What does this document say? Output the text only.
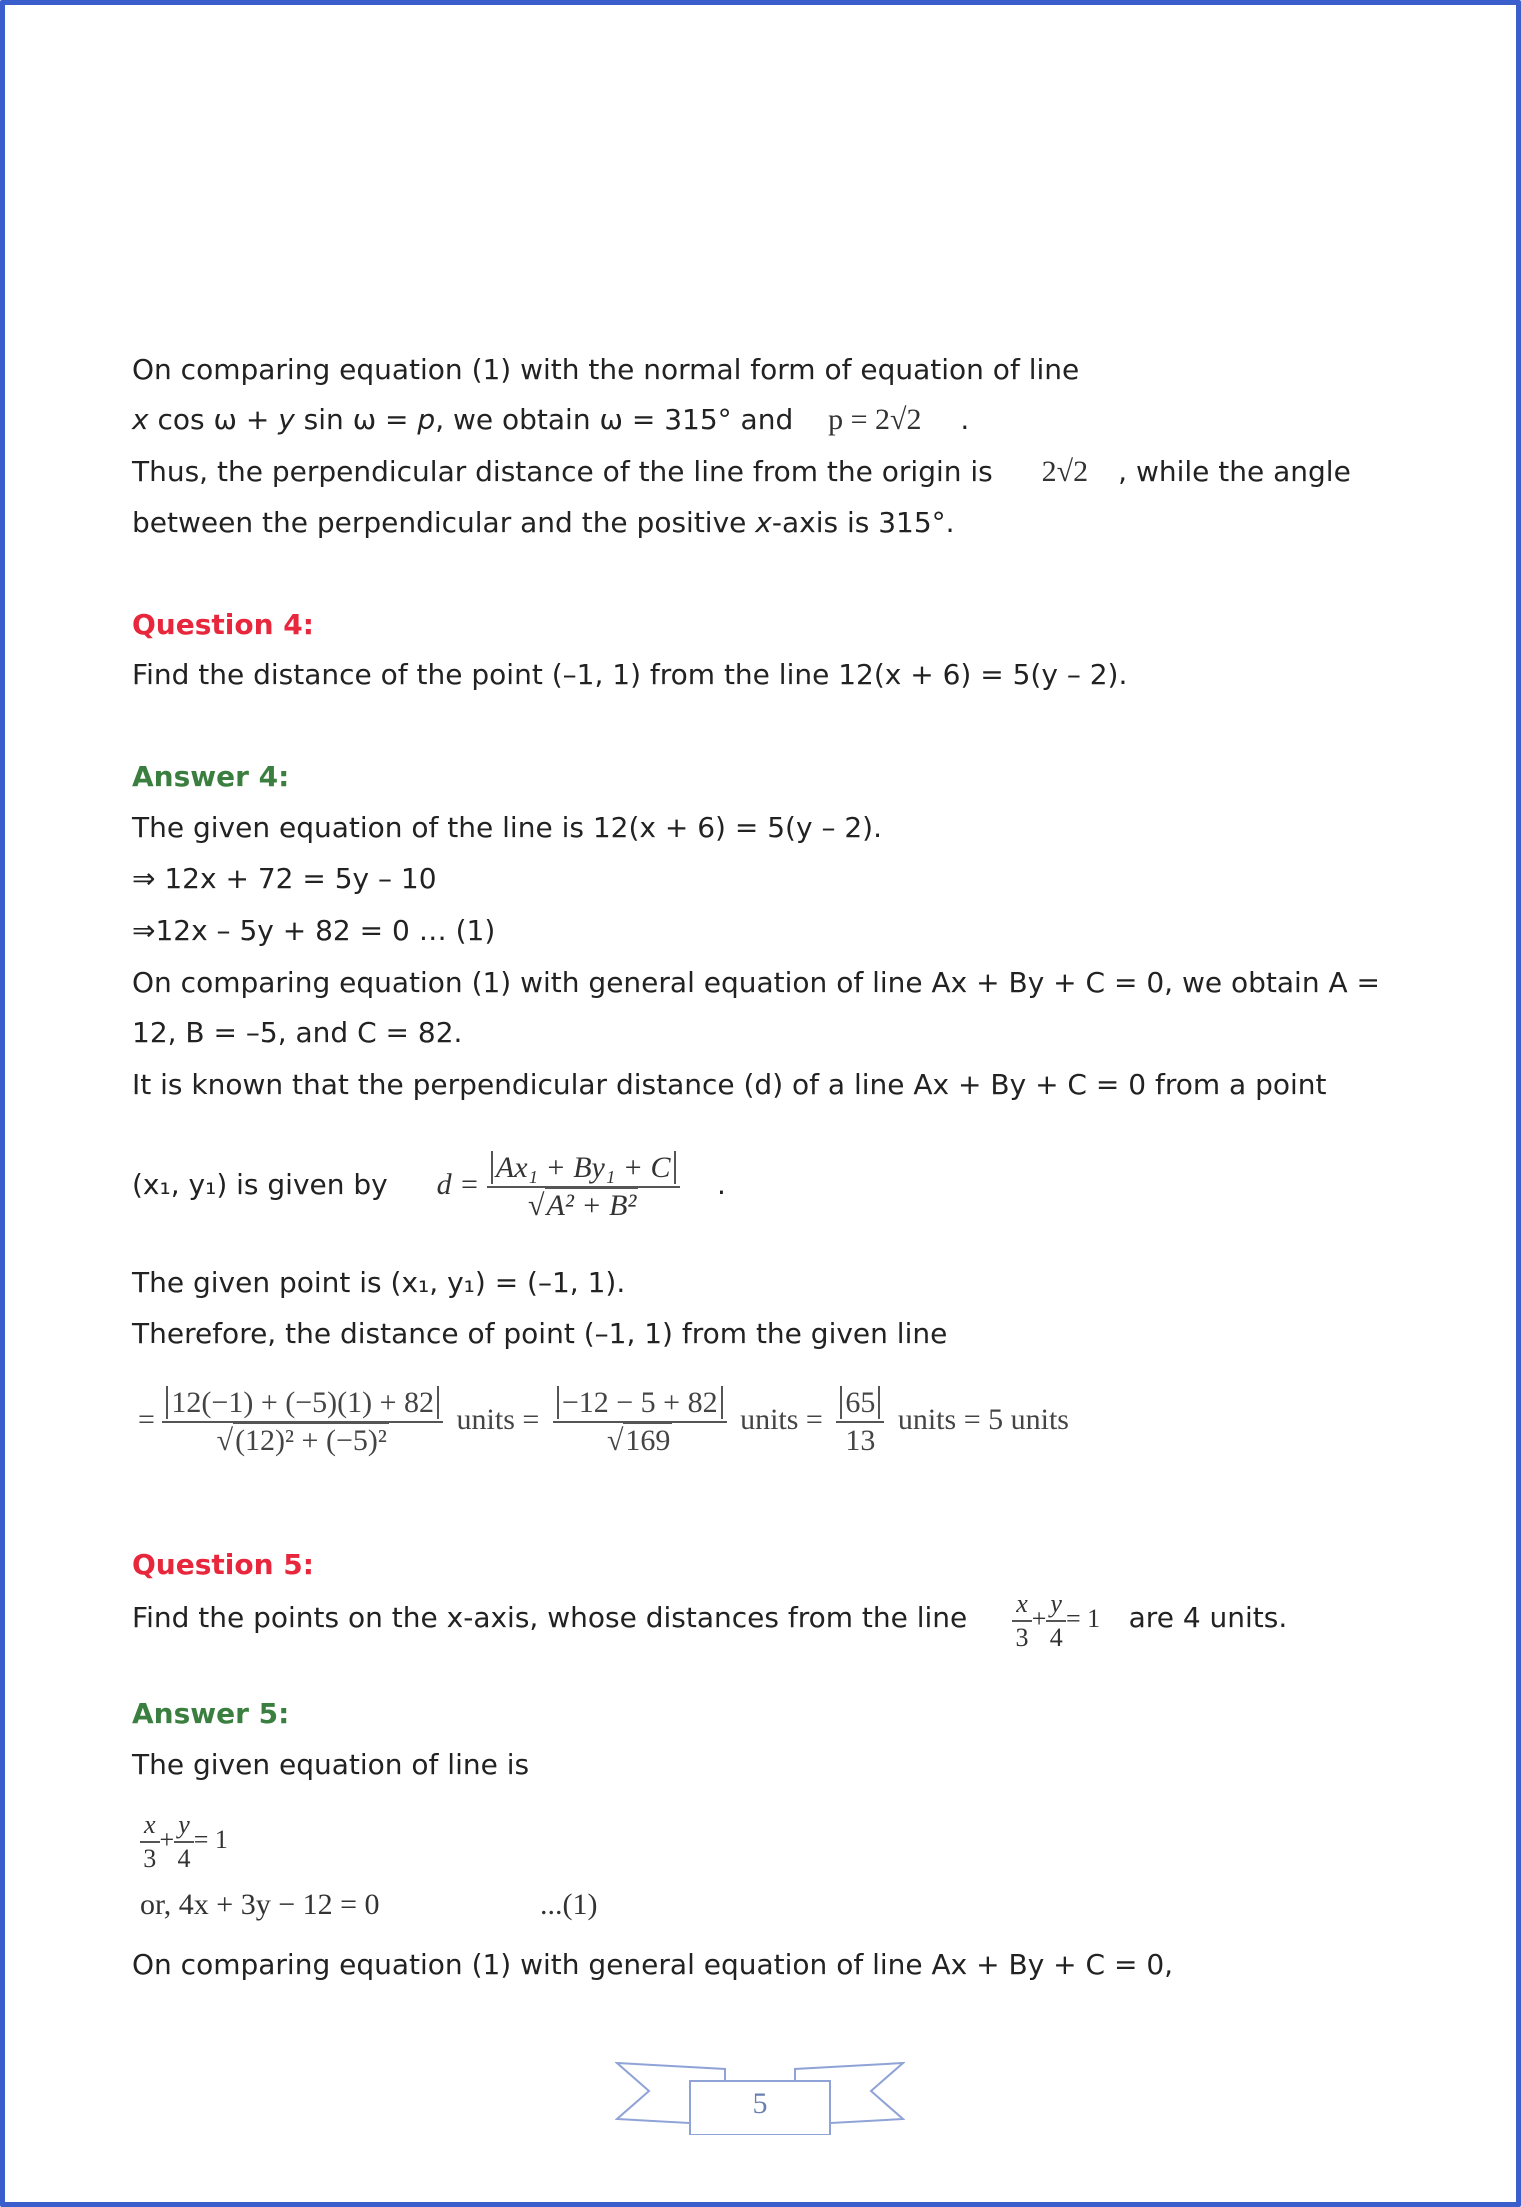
On comparing equation (1) with the normal form of equation of line
x cos ω + y sin ω = p, we obtain ω = 315° and p = 2√2 .
Thus, the perpendicular distance of the line from the origin is 2√2 , while the angle
between the perpendicular and the positive x-axis is 315°.
Question 4:
Find the distance of the point (–1, 1) from the line 12(x + 6) = 5(y – 2).
Answer 4:
The given equation of the line is 12(x + 6) = 5(y – 2).
⇒ 12x + 72 = 5y – 10
⇒12x – 5y + 82 = 0 … (1)
On comparing equation (1) with general equation of line Ax + By + C = 0, we obtain A =
12, B = –5, and C = 82.
It is known that the perpendicular distance (d) of a line Ax + By + C = 0 from a point
(x₁, y₁) is given by $d = \frac{\text{Ax₁ + By₁ + C}}{\text{√A² + B²}}$ .
The given point is (x₁, y₁) = (–1, 1).
Therefore, the distance of point (–1, 1) from the given line
= $\frac{12(-1) + (-5)(1) + 82}{\text{√(12)² + (−5)²}}$ units = $\frac{-12 - 5 + 82}{√169}$ units = $\frac{65}{13}$ units = 5 units
Question 5:
Find the points on the x-axis, whose distances from the line $\frac{x}{3} + \frac{y}{4} = 1$ are 4 units.
Answer 5:
The given equation of line is
$\frac{x}{3} + \frac{y}{4} = 1$
or, 4x + 3y − 12 = 0	...(1)
On comparing equation (1) with general equation of line Ax + By + C = 0,
5
